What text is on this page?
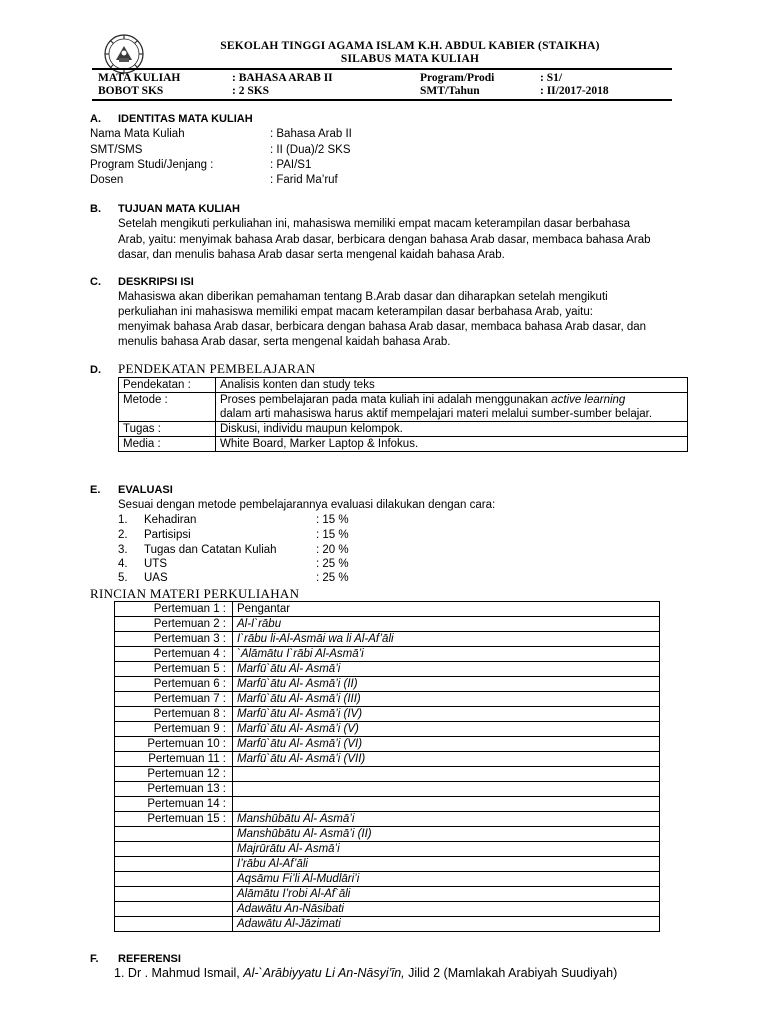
SEKOLAH TINGGI AGAMA ISLAM K.H. ABDUL KABIER (STAIKHA)
SILABUS MATA KULIAH
MATA KULIAH	: BAHASA ARAB II	Program/Prodi	: S1/
BOBOT SKS	: 2 SKS	SMT/Tahun	: II/2017-2018
A. IDENTITAS MATA KULIAH
Nama Mata Kuliah	: Bahasa Arab II
SMT/SMS	: II (Dua)/2 SKS
Program Studi/Jenjang :	: PAI/S1
Dosen	: Farid Ma’ruf
B. TUJUAN MATA KULIAH
Setelah mengikuti perkuliahan ini, mahasiswa memiliki empat macam keterampilan dasar berbahasa
Arab, yaitu: menyimak bahasa Arab dasar, berbicara dengan bahasa Arab dasar, membaca bahasa Arab
dasar, dan menulis bahasa Arab dasar serta mengenal kaidah bahasa Arab.
C. DESKRIPSI ISI
Mahasiswa akan diberikan pemahaman tentang B.Arab dasar dan diharapkan setelah mengikuti
perkuliahan ini mahasiswa memiliki empat macam keterampilan dasar berbahasa Arab, yaitu:
menyimak bahasa Arab dasar, berbicara dengan bahasa Arab dasar, membaca bahasa Arab dasar, dan
menulis bahasa Arab dasar, serta mengenal kaidah bahasa Arab.
D. PENDEKATAN PEMBELAJARAN
Pendekatan :	Analisis konten dan study teks
Metode :	Proses pembelajaran pada mata kuliah ini adalah menggunakan active learning
dalam arti mahasiswa harus aktif mempelajari materi melalui sumber-sumber belajar.
Tugas :	Diskusi, individu maupun kelompok.
Media :	White Board, Marker Laptop & Infokus.
E. EVALUASI
Sesuai dengan metode pembelajarannya evaluasi dilakukan dengan cara:
1. Kehadiran	: 15 %
2. Partisipsi	: 15 %
3. Tugas dan Catatan Kuliah	: 20 %
4. UTS	: 25 %
5. UAS	: 25 %
RINCIAN MATERI PERKULIAHAN
Pertemuan 1 :	Pengantar
Pertemuan 2 :	Al-I`rābu
Pertemuan 3 :	I`rābu li-Al-Asmāi wa li Al-Af’āli
Pertemuan 4 :	`Alāmātu I`rābi Al-Asmā’i
Pertemuan 5 :	Marfū`ātu Al- Asmā’i
Pertemuan 6 :	Marfū`ātu Al- Asmā’i (II)
Pertemuan 7 :	Marfū`ātu Al- Asmā’i (III)
Pertemuan 8 :	Marfū`ātu Al- Asmā’i (IV)
Pertemuan 9 :	Marfū`ātu Al- Asmā’i (V)
Pertemuan 10 :	Marfū`ātu Al- Asmā’i (VI)
Pertemuan 11 :	Marfū`ātu Al- Asmā’i (VII)
Pertemuan 12 :	
Pertemuan 13 :	
Pertemuan 14 :	
Pertemuan 15 :	Manshūbātu Al- Asmā’i
	Manshūbātu Al- Asmā’i (II)
	Majrūrātu Al- Asmā’i
	I’rābu Al-Af’āli
	Aqsāmu Fi’li Al-Mudlāri’i
	Alāmātu I’robi Al-Af`āli
	Adawātu An-Nāsibati
	Adawātu Al-Jāzimati
F. REFERENSI
1. Dr . Mahmud Ismail, Al-`Arābiyyatu Li An-Nāsyi’īn, Jilid 2 (Mamlakah Arabiyah Suudiyah)
